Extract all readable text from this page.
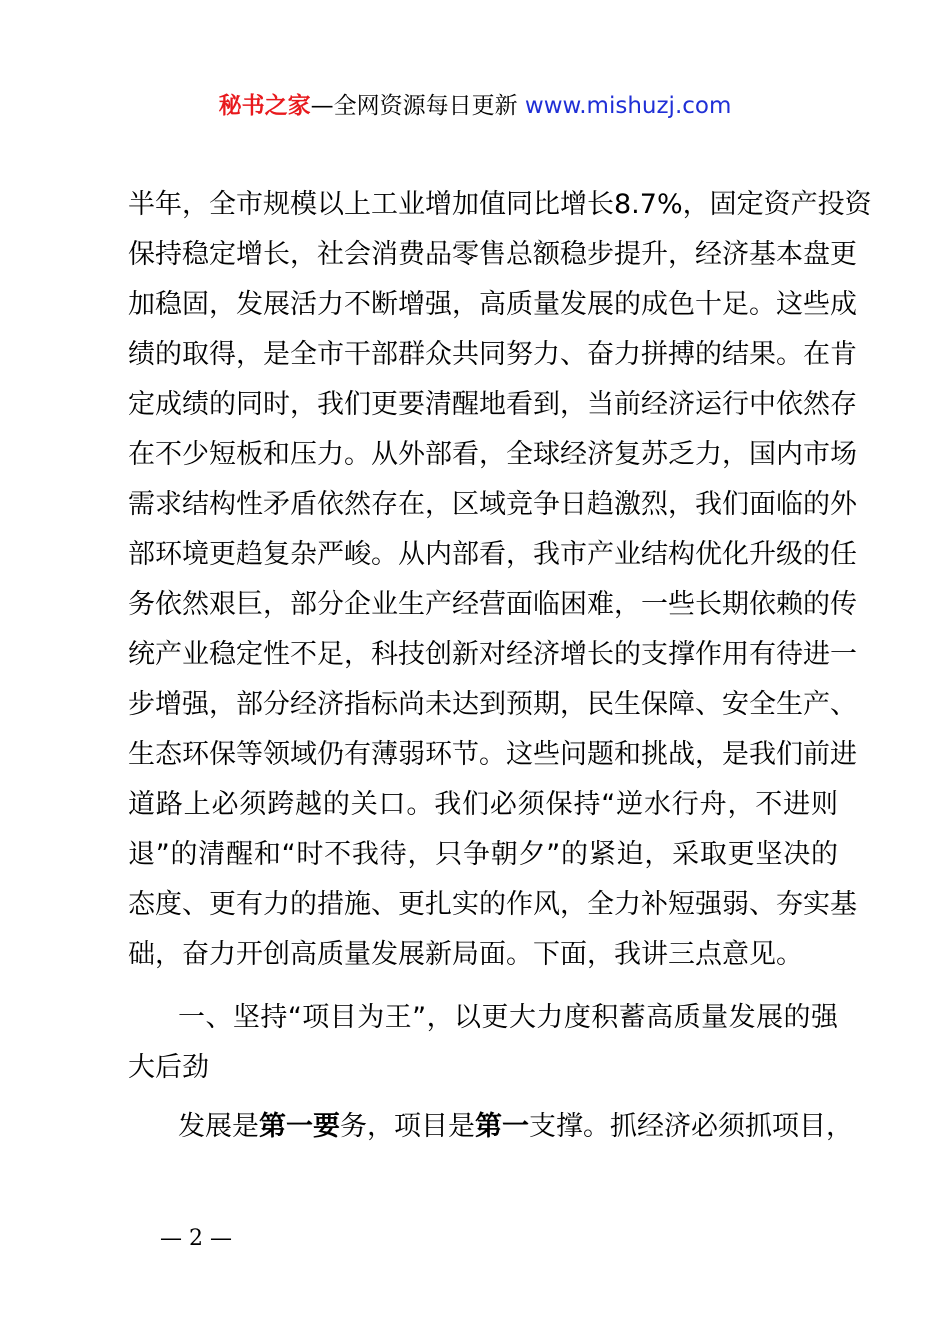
秘书之家—全网资源每日更新 www.mishuzj.com
半年，全市规模以上工业增加值同比增长8.7%，固定资产投资
保持稳定增长，社会消费品零售总额稳步提升，经济基本盘更
加稳固，发展活力不断增强，高质量发展的成色十足。这些成
绩的取得，是全市干部群众共同努力、奋力拼搏的结果。在肯
定成绩的同时，我们更要清醒地看到，当前经济运行中依然存
在不少短板和压力。从外部看，全球经济复苏乏力，国内市场
需求结构性矛盾依然存在，区域竞争日趋激烈，我们面临的外
部环境更趋复杂严峻。从内部看，我市产业结构优化升级的任
务依然艰巨，部分企业生产经营面临困难，一些长期依赖的传
统产业稳定性不足，科技创新对经济增长的支撑作用有待进一
步增强，部分经济指标尚未达到预期，民生保障、安全生产、
生态环保等领域仍有薄弱环节。这些问题和挑战，是我们前进
道路上必须跨越的关口。我们必须保持“逆水行舟，不进则
退”的清醒和“时不我待，只争朝夕”的紧迫，采取更坚决的
态度、更有力的措施、更扎实的作风，全力补短强弱、夯实基
础，奋力开创高质量发展新局面。下面，我讲三点意见。
一、坚持“项目为王”，以更大力度积蓄高质量发展的强
大后劲
发展是第一要务，项目是第一支撑。抓经济必须抓项目，
— 2 —
